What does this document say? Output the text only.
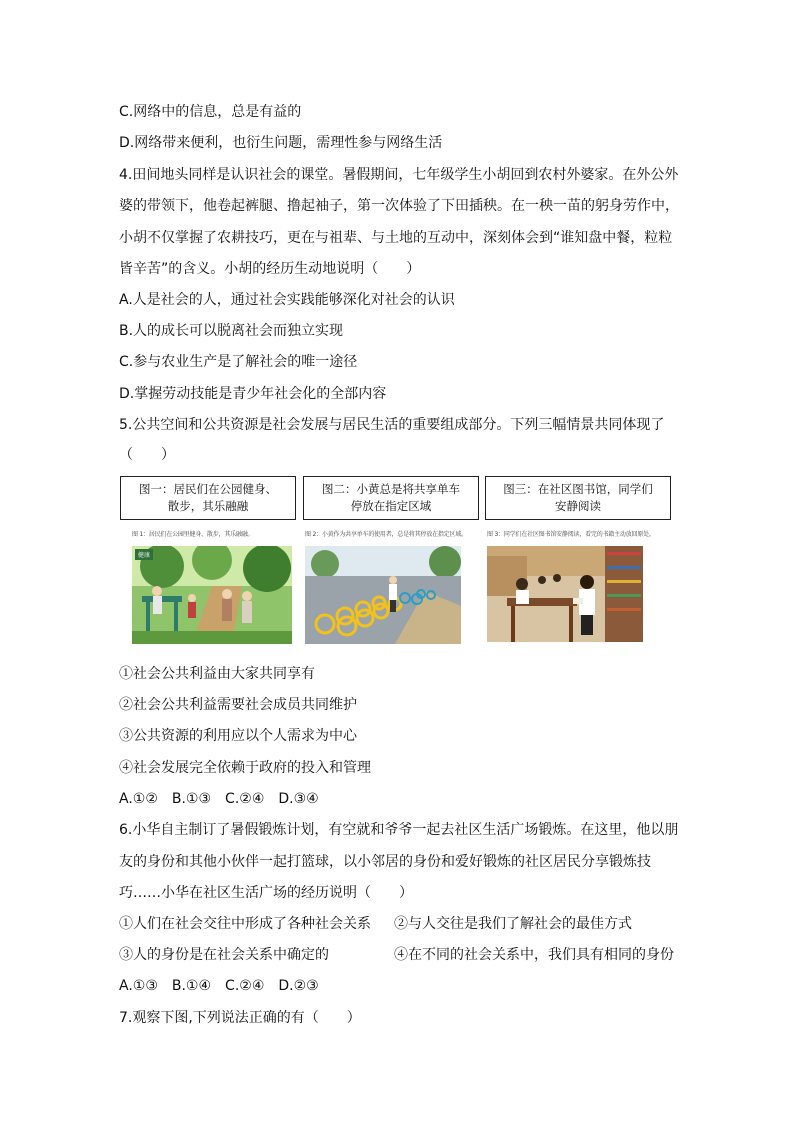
C.网络中的信息，总是有益的
D.网络带来便利，也衍生问题，需理性参与网络生活
4.田间地头同样是认识社会的课堂。暑假期间，七年级学生小胡回到农村外婆家。在外公外
婆的带领下，他卷起裤腿、撸起袖子，第一次体验了下田插秧。在一秧一苗的躬身劳作中，
小胡不仅掌握了农耕技巧，更在与祖辈、与土地的互动中，深刻体会到“谁知盘中餐，粒粒
皆辛苦”的含义。小胡的经历生动地说明（　　）
A.人是社会的人，通过社会实践能够深化对社会的认识
B.人的成长可以脱离社会而独立实现
C.参与农业生产是了解社会的唯一途径
D.掌握劳动技能是青少年社会化的全部内容
5.公共空间和公共资源是社会发展与居民生活的重要组成部分。下列三幅情景共同体现了
（　　）
图一：居民们在公园健身、
散步，其乐融融
图 1：居民们在公园里健身、散步，其乐融融。
健康
图二：小黄总是将共享单车
停放在指定区域
图 2：小黄作为共享单车的使用者，总是将其停放在指定区域。
图三：在社区图书馆，同学们
安静阅读
图 3：同学们在社区图书馆安静阅读，看完的书籍主动放回原处。
①社会公共利益由大家共同享有
②社会公共利益需要社会成员共同维护
③公共资源的利用应以个人需求为中心
④社会发展完全依赖于政府的投入和管理
A.①②　B.①③　C.②④　D.③④
6.小华自主制订了暑假锻炼计划，有空就和爷爷一起去社区生活广场锻炼。在这里，他以朋
友的身份和其他小伙伴一起打篮球，以小邻居的身份和爱好锻炼的社区居民分享锻炼技
巧……小华在社区生活广场的经历说明（　　）
①人们在社会交往中形成了各种社会关系 ②与人交往是我们了解社会的最佳方式
③人的身份是在社会关系中确定的	④在不同的社会关系中，我们具有相同的身份
A.①③　B.①④　C.②④　D.②③
7.观察下图,下列说法正确的有（　　）
